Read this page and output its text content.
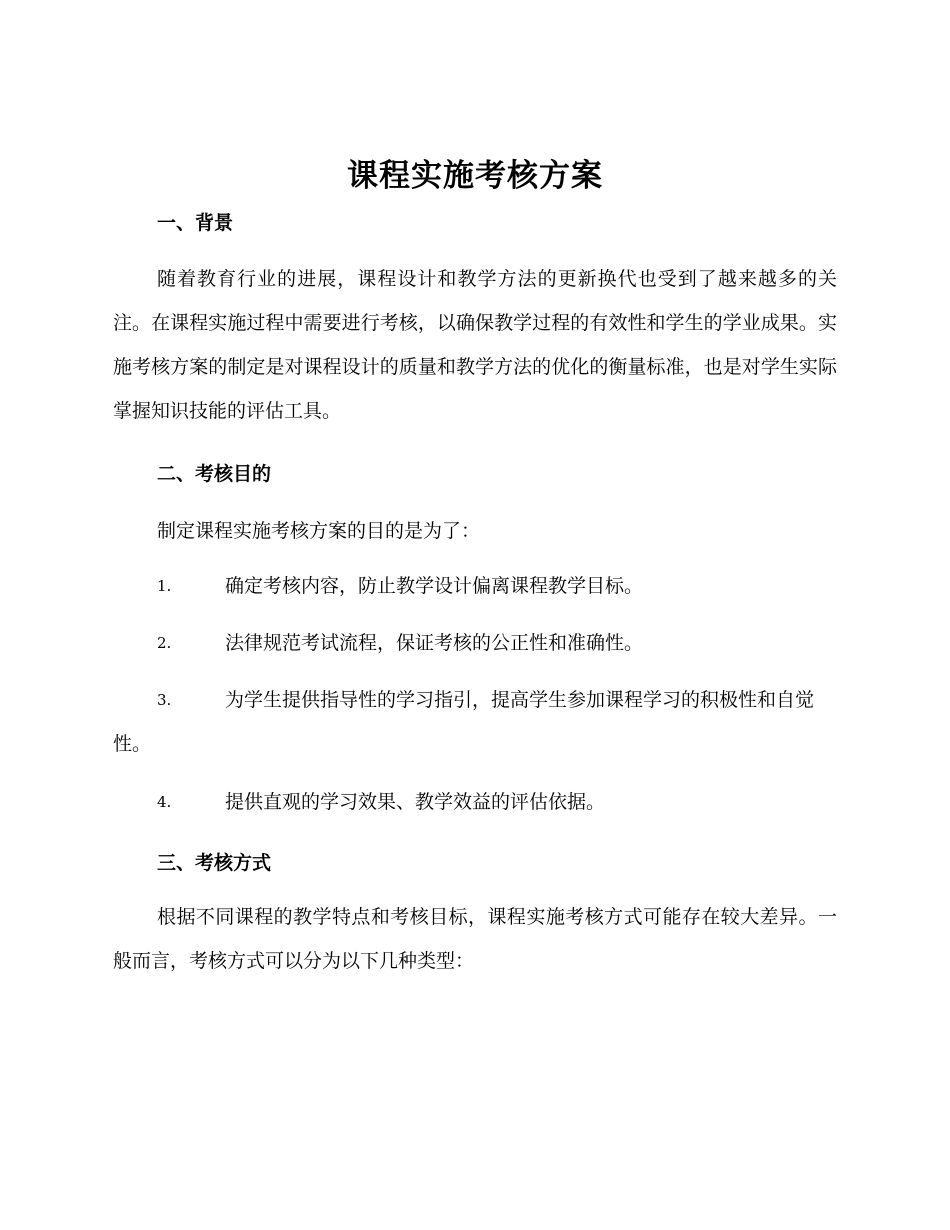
课程实施考核方案
一、背景

随着教育行业的进展，课程设计和教学方法的更新换代也受到了越来越多的关注。在课程实施过程中需要进行考核，以确保教学过程的有效性和学生的学业成果。实施考核方案的制定是对课程设计的质量和教学方法的优化的衡量标准，也是对学生实际掌握知识技能的评估工具。

二、考核目的

制定课程实施考核方案的目的是为了：

1.	确定考核内容，防止教学设计偏离课程教学目标。
2.	法律规范考试流程，保证考核的公正性和准确性。
3.	为学生提供指导性的学习指引，提高学生参加课程学习的积极性和自觉性。
4.	提供直观的学习效果、教学效益的评估依据。
三、考核方式

根据不同课程的教学特点和考核目标，课程实施考核方式可能存在较大差异。一般而言，考核方式可以分为以下几种类型：
